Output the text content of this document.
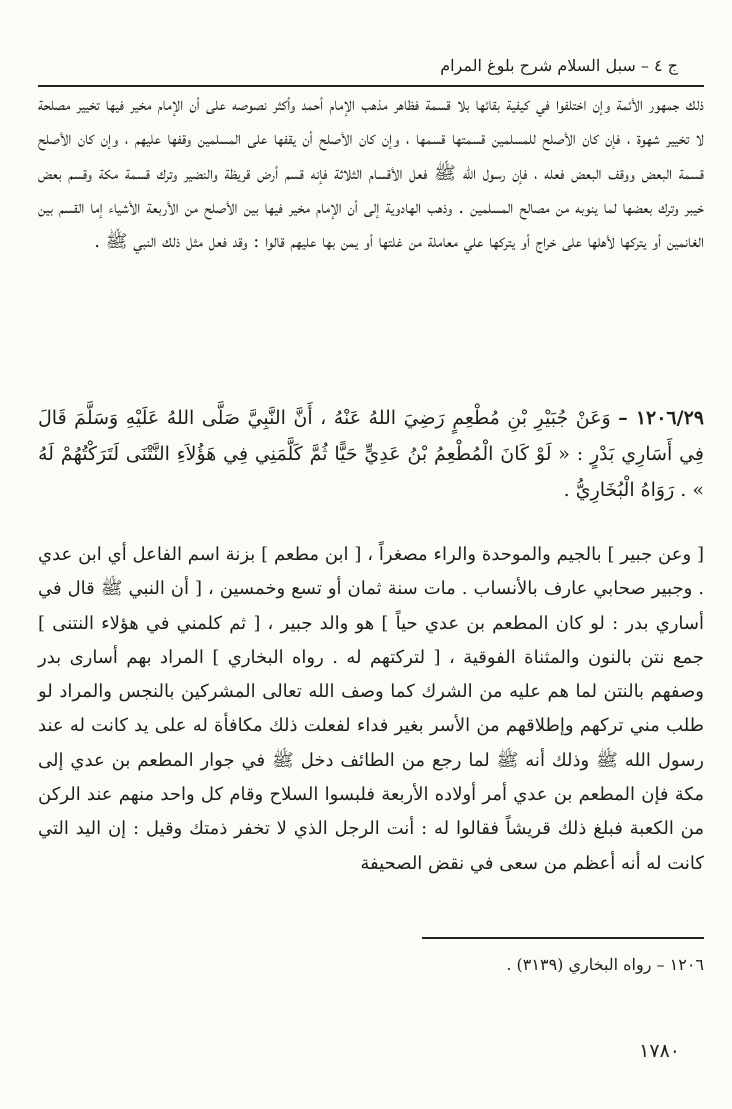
ج ٤ – سبل السلام شرح بلوغ المرام

ذلك جمهور الأئمة وإن اختلفوا في كيفية بقائها بلا قسمة فظاهر مذهب الإمام أحمد وأكثر نصوصه على أن الإمام مخير فيها تخيير مصلحة لا تخيير شهوة ، فإن كان الأصلح للمسلمين قسمتها قسمها ، وإن كان الأصلح أن يقفها على المسلمين وقفها عليهم ، وإن كان الأصلح قسمة البعض ووقف البعض فعله ، فإن رسول الله ﷺ فعل الأقسام الثلاثة فإنه قسم أرض قريظة والنضير وترك قسمة مكة وقسم بعض خيبر وترك بعضها لما ينوبه من مصالح المسلمين . وذهب الهادوية إلى أن الإمام مخير فيها بين الأصلح من الأربعة الأشياء إما القسم بين الغانمين أو يتركها لأهلها على خراج أو يتركها علي معاملة من غلتها أو يمن بها عليهم قالوا : وقد فعل مثل ذلك النبي ﷺ .

١٢٠٦/٢٩ – وَعَنْ جُبَيْرِ بْنِ مُطْعِمٍ رَضِيَ اللهُ عَنْهُ ، أَنَّ النَّبِيَّ صَلَّى اللهُ عَلَيْهِ وَسَلَّمَ قَالَ فِي أَسَارِي بَدْرٍ : « لَوْ كَانَ الْمُطْعِمُ بْنُ عَدِيٍّ حَيًّا ثُمَّ كَلَّمَنِي فِي هَؤُلاَءِ النَّتْنَى لَتَرَكْتُهُمْ لَهُ » . رَوَاهُ الْبُخَارِيُّ .

[ وعن جبير ] بالجيم والموحدة والراء مصغراً ، [ ابن مطعم ] بزنة اسم الفاعل أي ابن عدي . وجبير صحابي عارف بالأنساب . مات سنة ثمان أو تسع وخمسين ، [ أن النبي ﷺ قال في أساري بدر : لو كان المطعم بن عدي حياً ] هو والد جبير ، [ ثم كلمني في هؤلاء النتنى ] جمع نتن بالنون والمثناة الفوقية ، [ لتركتهم له . رواه البخاري ] المراد بهم أسارى بدر وصفهم بالنتن لما هم عليه من الشرك كما وصف الله تعالى المشركين بالنجس والمراد لو طلب مني تركهم وإطلاقهم من الأسر بغير فداء لفعلت ذلك مكافأة له على يد كانت له عند رسول الله ﷺ وذلك أنه ﷺ لما رجع من الطائف دخل ﷺ في جوار المطعم بن عدي إلى مكة فإن المطعم بن عدي أمر أولاده الأربعة فلبسوا السلاح وقام كل واحد منهم عند الركن من الكعبة فبلغ ذلك قريشاً فقالوا له : أنت الرجل الذي لا تخفر ذمتك وقيل : إن اليد التي كانت له أنه أعظم من سعى في نقض الصحيفة

١٢٠٦ – رواه البخاري (٣١٣٩) .
١٧٨٠
